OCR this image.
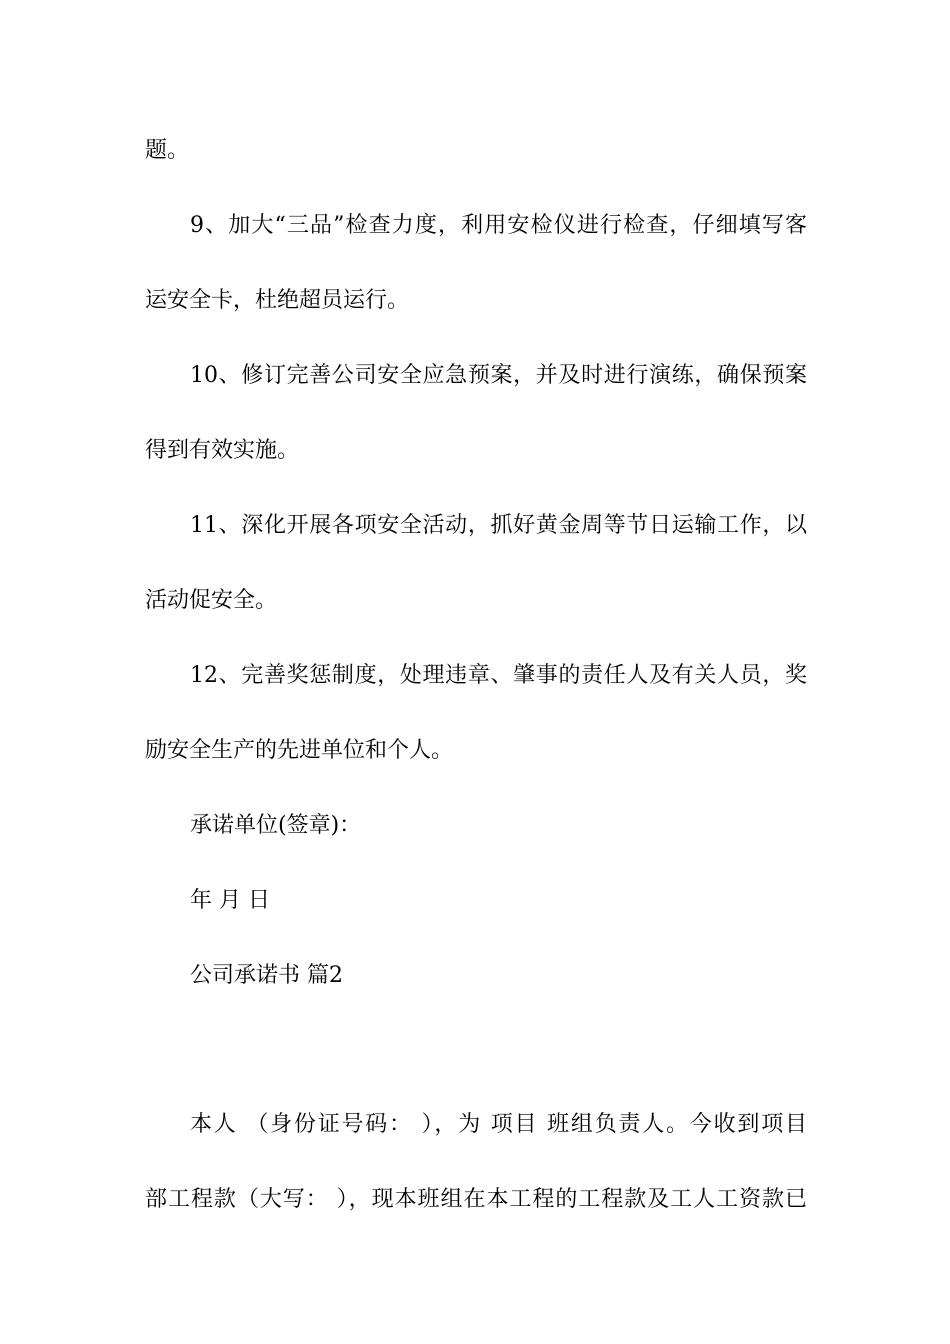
题。
9、加大“三品”检查力度，利用安检仪进行检查，仔细填写客
运安全卡，杜绝超员运行。
10、修订完善公司安全应急预案，并及时进行演练，确保预案
得到有效实施。
11、深化开展各项安全活动，抓好黄金周等节日运输工作，以
活动促安全。
12、完善奖惩制度，处理违章、肇事的责任人及有关人员，奖
励安全生产的先进单位和个人。
承诺单位(签章)：
年 月 日
公司承诺书 篇2
本人 （身份证号码： ），为 项目 班组负责人。今收到项目
部工程款（大写： ），现本班组在本工程的工程款及工人工资款已
